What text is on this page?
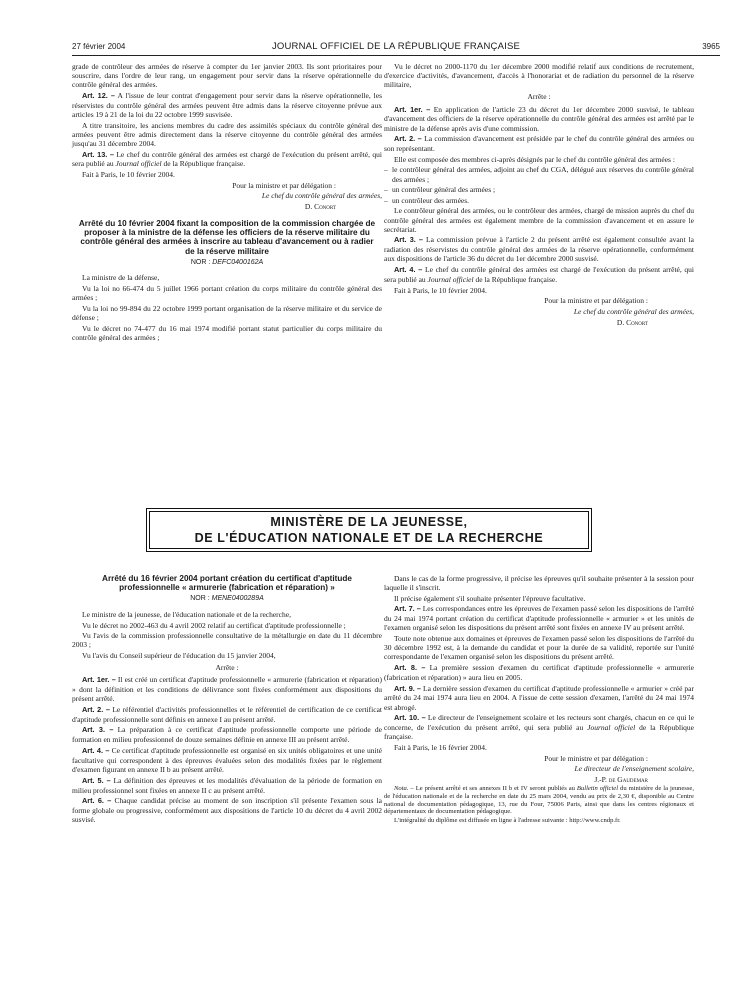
27 février 2004	JOURNAL OFFICIEL DE LA RÉPUBLIQUE FRANÇAISE	3965

grade de contrôleur des armées de réserve à compter du 1er janvier 2003. Ils sont prioritaires pour souscrire, dans l'ordre de leur rang, un engagement pour servir dans la réserve opérationnelle du contrôle général des armées.

Art. 12. – A l'issue de leur contrat d'engagement pour servir dans la réserve opérationnelle, les réservistes du contrôle général des armées peuvent être admis dans la réserve citoyenne prévue aux articles 19 à 21 de la loi du 22 octobre 1999 susvisée.

A titre transitoire, les anciens membres du cadre des assimilés spéciaux du contrôle général des armées peuvent être admis directement dans la réserve citoyenne du contrôle général des armées jusqu'au 31 décembre 2004.

Art. 13. – Le chef du contrôle général des armées est chargé de l'exécution du présent arrêté, qui sera publié au Journal officiel de la République française.

Fait à Paris, le 10 février 2004.

Pour la ministre et par délégation :

Le chef du contrôle général des armées,

D. Conort

Arrêté du 10 février 2004 fixant la composition de la commission chargée de proposer à la ministre de la défense les officiers de la réserve militaire du contrôle général des armées à inscrire au tableau d'avancement ou à radier de la réserve militaire
NOR : DEFC0400162A

La ministre de la défense,

Vu la loi no 66-474 du 5 juillet 1966 portant création du corps militaire du contrôle général des armées ;

Vu la loi no 99-894 du 22 octobre 1999 portant organisation de la réserve militaire et du service de défense ;

Vu le décret no 74-477 du 16 mai 1974 modifié portant statut particulier du corps militaire du contrôle général des armées ;

Vu le décret no 2000-1170 du 1er décembre 2000 modifié relatif aux conditions de recrutement, d'exercice d'activités, d'avancement, d'accès à l'honorariat et de radiation du personnel de la réserve militaire,

Arrête :

Art. 1er. – En application de l'article 23 du décret du 1er décembre 2000 susvisé, le tableau d'avancement des officiers de la réserve opérationnelle du contrôle général des armées est arrêté par le ministre de la défense après avis d'une commission.

Art. 2. – La commission d'avancement est présidée par le chef du contrôle général des armées ou son représentant.

Elle est composée des membres ci-après désignés par le chef du contrôle général des armées :

– le contrôleur général des armées, adjoint au chef du CGA, délégué aux réserves du contrôle général des armées ;

– un contrôleur général des armées ;

– un contrôleur des armées.

Le contrôleur général des armées, ou le contrôleur des armées, chargé de mission auprès du chef du contrôle général des armées est également membre de la commission d'avancement et en assure le secrétariat.

Art. 3. – La commission prévue à l'article 2 du présent arrêté est également consultée avant la radiation des réservistes du contrôle général des armées de la réserve opérationnelle, conformément aux dispositions de l'article 36 du décret du 1er décembre 2000 susvisé.

Art. 4. – Le chef du contrôle général des armées est chargé de l'exécution du présent arrêté, qui sera publié au Journal officiel de la République française.

Fait à Paris, le 10 février 2004.

Pour la ministre et par délégation :

Le chef du contrôle général des armées,

D. Conort

MINISTÈRE DE LA JEUNESSE,
DE L'ÉDUCATION NATIONALE ET DE LA RECHERCHE
Arrêté du 16 février 2004 portant création du certificat d'aptitude professionnelle « armurerie (fabrication et réparation) »
NOR : MENE0400289A

Le ministre de la jeunesse, de l'éducation nationale et de la recherche,

Vu le décret no 2002-463 du 4 avril 2002 relatif au certificat d'aptitude professionnelle ;

Vu l'avis de la commission professionnelle consultative de la métallurgie en date du 11 décembre 2003 ;

Vu l'avis du Conseil supérieur de l'éducation du 15 janvier 2004,

Arrête :

Art. 1er. – Il est créé un certificat d'aptitude professionnelle « armurerie (fabrication et réparation) » dont la définition et les conditions de délivrance sont fixées conformément aux dispositions du présent arrêté.

Art. 2. – Le référentiel d'activités professionnelles et le référentiel de certification de ce certificat d'aptitude professionnelle sont définis en annexe I au présent arrêté.

Art. 3. – La préparation à ce certificat d'aptitude professionnelle comporte une période de formation en milieu professionnel de douze semaines définie en annexe III au présent arrêté.

Art. 4. – Ce certificat d'aptitude professionnelle est organisé en six unités obligatoires et une unité facultative qui correspondent à des épreuves évaluées selon des modalités fixées par le règlement d'examen figurant en annexe II b au présent arrêté.

Art. 5. – La définition des épreuves et les modalités d'évaluation de la période de formation en milieu professionnel sont fixées en annexe II c au présent arrêté.

Art. 6. – Chaque candidat précise au moment de son inscription s'il présente l'examen sous la forme globale ou progressive, conformément aux dispositions de l'article 10 du décret du 4 avril 2002 susvisé.

Dans le cas de la forme progressive, il précise les épreuves qu'il souhaite présenter à la session pour laquelle il s'inscrit.

Il précise également s'il souhaite présenter l'épreuve facultative.

Art. 7. – Les correspondances entre les épreuves de l'examen passé selon les dispositions de l'arrêté du 24 mai 1974 portant création du certificat d'aptitude professionnelle « armurier » et les unités de l'examen organisé selon les dispositions du présent arrêté sont fixées en annexe IV au présent arrêté.

Toute note obtenue aux domaines et épreuves de l'examen passé selon les dispositions de l'arrêté du 30 décembre 1992 est, à la demande du candidat et pour la durée de sa validité, reportée sur l'unité correspondante de l'examen organisé selon les dispositions du présent arrêté.

Art. 8. – La première session d'examen du certificat d'aptitude professionnelle « armurerie (fabrication et réparation) » aura lieu en 2005.

Art. 9. – La dernière session d'examen du certificat d'aptitude professionnelle « armurier » créé par arrêté du 24 mai 1974 aura lieu en 2004. A l'issue de cette session d'examen, l'arrêté du 24 mai 1974 est abrogé.

Art. 10. – Le directeur de l'enseignement scolaire et les recteurs sont chargés, chacun en ce qui le concerne, de l'exécution du présent arrêté, qui sera publié au Journal officiel de la République française.

Fait à Paris, le 16 février 2004.

Pour le ministre et par délégation :

Le directeur de l'enseignement scolaire,

J.-P. de Gaudemar

Nota. – Le présent arrêté et ses annexes II b et IV seront publiés au Bulletin officiel du ministère de la jeunesse, de l'éducation nationale et de la recherche en date du 25 mars 2004, vendu au prix de 2,30 €, disponible au Centre national de documentation pédagogique, 13, rue du Four, 75006 Paris, ainsi que dans les centres régionaux et départementaux de documentation pédagogique.

L'intégralité du diplôme est diffusée en ligne à l'adresse suivante : http://www.cndp.fr.
